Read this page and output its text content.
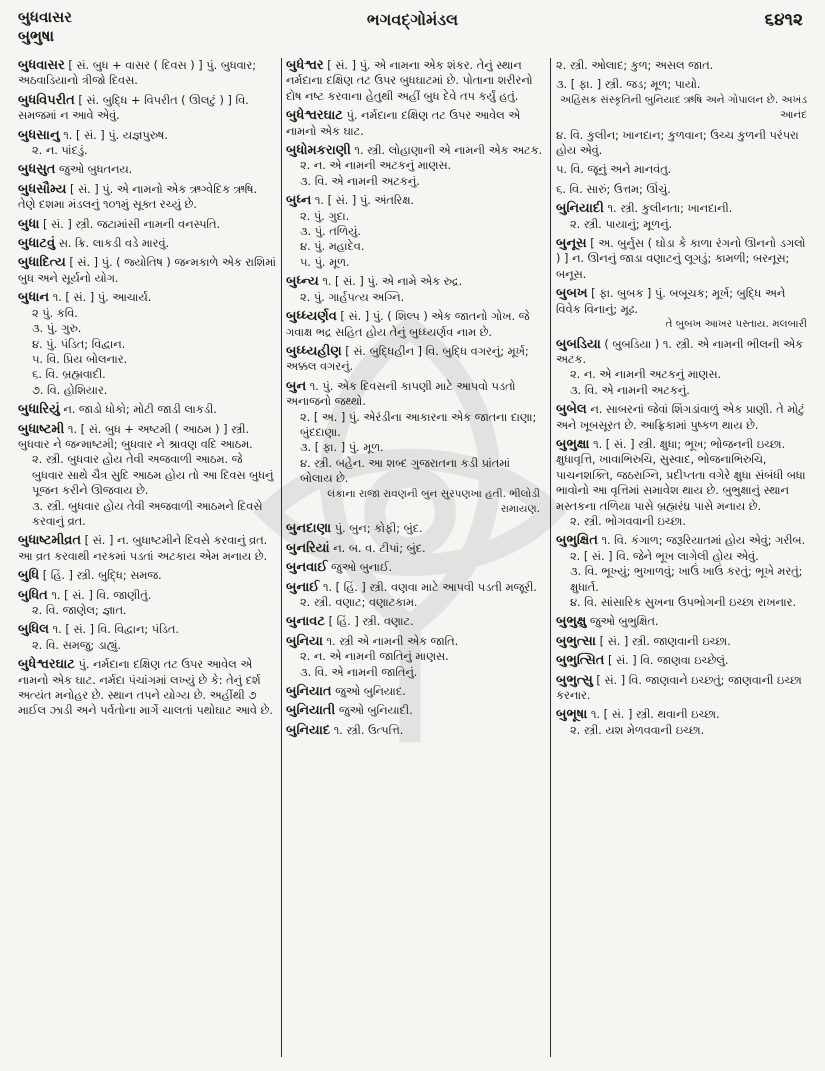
બુધવાસર
બુભુષા
ભગવદ્ગોમંડલ	૬૪૧૨
બુધવાસર [ સં. બુધ + વાસર ( દિવસ ) ] પું. બુધવાર; અઠવાડિયાનો ત્રીજો દિવસ.
બુધવિપરીત [ સં. બુદ્ધિ + વિપરીત ( ઊલટું ) ] વિ. સમજમાં ન આવે એવું.
બુધસાનુ ૧. [ સં. ] પું. યજ્ઞપુરુષ.
૨. ન. પાંદડું.
બુધસુત જુઓ બુધતનય.
બુધસૌમ્ય [ સં. ] પું. એ નામનો એક ઋગ્વેદિક ઋષિ. તેણે દશમા મંડલનું ૧૦૧મું સૂક્ત રચ્યું છે.
બુધા [ સં. ] સ્ત્રી. જટામાંસી નામની વનસ્પતિ.
બુધાટવું સ. ક્રિ. લાકડી વડે મારવું.
બુધાદિત્ય [ સં. ] પું. ( જ્યોતિષ ) જન્મકાળે એક રાશિમાં બુધ અને સૂર્યનો યોગ.
બુધાન ૧. [ સં. ] પું. આચાર્ય.
૨ પું. કવિ.
૩. પું. ગુરુ.
૪. પું. પંડિત; વિદ્વાન.
૫. વિ. પ્રિય બોલનાર.
૬. વિ. બ્રહ્મવાદી.
૭. વિ. હોશિયાર.
બુધારિયું ન. જાડો ધોકો; મોટી જાડી લાકડી.
બુધાષ્ટમી ૧. [ સં. બુધ + અષ્ટમી ( આઠમ ) ] સ્ત્રી. બુધવાર ને જન્માષ્ટમી; બુધવાર ને શ્રાવણ વદિ આઠમ.
૨. સ્ત્રી. બુધવાર હોય તેવી અજવાળી આઠમ. જે બુધવાર સાથે ચૈત્ર સુદિ આઠમ હોય તો આ દિવસ બુધનું પૂજન કરીને ઊજવાય છે.
૩. સ્ત્રી. બુધવાર હોય તેવી અજવાળી આઠમને દિવસે કરવાનું વ્રત.
બુધાષ્ટમીવ્રત [ સં. ] ન. બુધાષ્ટમીને દિવસે કરવાનું વ્રત. આ વ્રત કરવાથી નરકમાં પડતાં અટકાય એમ મનાય છે.
બુધિ [ હિં. ] સ્ત્રી. બુદ્ધિ; સમજ.
બુધિત ૧. [ સં. ] વિ. જાણીતું.
૨. વિ. જાણેલ; જ્ઞાત.
બુધિલ ૧. [ સં. ] વિ. વિદ્વાન; પંડિત.
૨. વિ. સમજુ; ડાહ્યું.
બુધેશ્વરઘાટ પું. નર્મદાના દક્ષિણ તટ ઉપર આવેલ એ નામનો એક ઘાટ. નર્મદા પંચાંગમાં લખ્યું છે કે: તેનું દર્શ અત્યંત મનોહર છે. સ્થાન તપને યોગ્ય છે. અહીંથી ૭ માઈલ ઝાડી અને પર્વતોના માર્ગે ચાલતાં પથોઘાટ આવે છે.
બુધેશ્વર [ સં. ] પું. એ નામના એક શંકર. તેનું સ્થાન નર્મદાના દક્ષિણ તટ ઉપર બુધઘાટમાં છે. પોતાના શરીરનો દોષ નષ્ટ કરવાના હેતુથી અહીં બુધ દેવે તપ કર્યું હતું.
બુધેશ્વરઘાટ પું. નર્મદાના દક્ષિણ તટ ઉપર આવેલ એ નામનો એક ઘાટ.
બુધોમકરાણી ૧. સ્ત્રી. લોહાણાની એ નામની એક અટક.
૨. ન. એ નામની અટકનું માણસ.
૩. વિ. એ નામની અટકનું.
બુધ્ન ૧. [ સં. ] પું. અંતરિક્ષ.
૨. પું. ગુદા.
૩. પું. તળિયું.
૪. પું. મહાદેવ.
૫. પું. મૂળ.
બુધ્ન્ય ૧. [ સં. ] પું. એ નામે એક રુદ્ર.
૨. પું. ગાર્હપત્ય અગ્નિ.
બુધ્ધ્યર્ણવ [ સં. ] પું. ( શિલ્પ ) એક જાતનો ગોખ. જે ગવાક્ષ ભદ્ર સહિત હોય તેનું બુધ્ધ્યર્ણવ નામ છે.
બુધ્ધ્યહીણ [ સં. બુદ્ધિહીન ] વિ. બુદ્ધિ વગરનું; મૂર્ખ; અક્કલ વગરનું.
બુન ૧. પું. એક દિવસની કાપણી માટે આપવો પડતો અનાજનો જથ્થો.
૨. [ અ. ] પું. એરંડીના આકારના એક જાતના દાણા; બુંદદાણા.
૩. [ ફા. ] પું. મૂળ.
૪. સ્ત્રી. બહેન. આ શબ્દ ગુજરાતના કડી પ્રાંતમાં બોલાય છે.
લંકાના રાજા રાવણની બુન સુરપણખા હતી. ભીલોડી રામાયણ.
બુનદાણા પું. બુન; કોફી; બુંદ.
બુનરિયાં ન. બ. વ. ટીપાં; બુંદ.
બુનવાઈ જુઓ બુનાઈ.
બુનાઈ ૧. [ હિં. ] સ્ત્રી. વણવા માટે આપવી પડતી મજૂરી.
૨. સ્ત્રી. વણાટ; વણાટકામ.
બુનાવટ [ હિં. ] સ્ત્રી. વણાટ.
બુનિયા ૧. સ્ત્રી એ નામની એક જાતિ.
૨. ન. એ નામની જાતિનું માણસ.
૩. વિ. એ નામની જાતિનું.
બુનિયાત જુઓ બુનિયાદ.
બુનિયાતી જુઓ બુનિયાદી.
બુનિયાદ ૧. સ્ત્રી. ઉત્પત્તિ.
૨. સ્ત્રી. ઓલાદ; કુળ; અસલ જાત.
૩. [ ફા. ] સ્ત્રી. જડ; મૂળ; પાયો.
અહિંસક સંસ્કૃતિની બુનિયાદ ઋષિ અને ગોપાલન છે. અખંડ આનંદ
૪. વિ. કુલીન; ખાનદાન; કુળવાન; ઉચ્ચ કુળની પરંપરા હોય એવું.
૫. વિ. જૂનું અને માનવંતુ.
૬. વિ. સારું; ઉત્તમ; ઊંચું.
બુનિયાદી ૧. સ્ત્રી. કુલીનતા; ખાનદાની.
૨. સ્ત્રી. પાયાનું; મૂળનું.
બુનૂસ [ અ. બુર્નુસ ( ઘોડા કે કાળા રંગનો ઊનનો ડગલો ) ] ન. ઊનનું જાડા વણાટનું લૂગડું; કામળી; બરનૂસ; બનૂસ.
બુબખ [ ફા. બુબક ] પું. બબૂચક; મૂર્ખ; બુદ્ધિ અને વિવેક વિનાનું; મૂઢ.
તે બુબખ આખર પસ્તાય. મલબારી
બુબડિયા ( બુબડિયા ) ૧. સ્ત્રી. એ નામની ભીલની એક અટક.
૨. ન. એ નામની અટકનું માણસ.
૩. વિ. એ નામની અટકનું.
બુબેલ ન. સાબરનાં જેવાં શિંગડાંવાળું એક પ્રાણી. તે મોટું અને ખૂબસૂરત છે. આફ્રિકામાં પુષ્કળ થાય છે.
બુભુક્ષા ૧. [ સં. ] સ્ત્રી. ક્ષુધા; ભૂખ; ભોજનની ઇચ્છા. ક્ષુધાવૃત્તિ, ખાવાભિરુચિ, સુસ્વાદ, ભોજનાભિરુચિ, પાચનશક્તિ, જઠરાગ્નિ, પ્રદીપ્તતા વગેરે ક્ષુધા સંબંધી બધા ભાવોનો આ વૃત્તિમાં સમાવેશ થાય છે. બુભુક્ષાનું સ્થાન મસ્તકના તળિયા પાસે બ્રહ્મરંધ્ર પાસે મનાય છે.
૨. સ્ત્રી. ભોગવવાની ઇચ્છા.
બુભુક્ષિત ૧. વિ. કંગાળ; જરૂરિયાતમાં હોય એવું; ગરીબ.
૨. [ સં. ] વિ. જેને ભૂખ લાગેલી હોય એવું.
૩. વિ. ભૂખ્યું; ભુખાળવું; ખાઉં ખાઉં કરતું; ભૂખે મરતું; ક્ષુધાર્ત.
૪. વિ. સાંસારિક સુખના ઉપભોગની ઇચ્છા રાખનાર.
બુભુક્ષુ જુઓ બુભુક્ષિત.
બુભુત્સા [ સં. ] સ્ત્રી. જાણવાની ઇચ્છા.
બુભુત્સિત [ સં. ] વિ. જાણવા ઇચ્છેલું.
બુભુત્સુ [ સં. ] વિ. જાણવાને ઇચ્છતું; જાણવાની ઇચ્છા કરનાર.
બુભૂષા ૧. [ સં. ] સ્ત્રી. થવાની ઇચ્છા.
૨. સ્ત્રી. યશ મેળવવાની ઇચ્છા.
